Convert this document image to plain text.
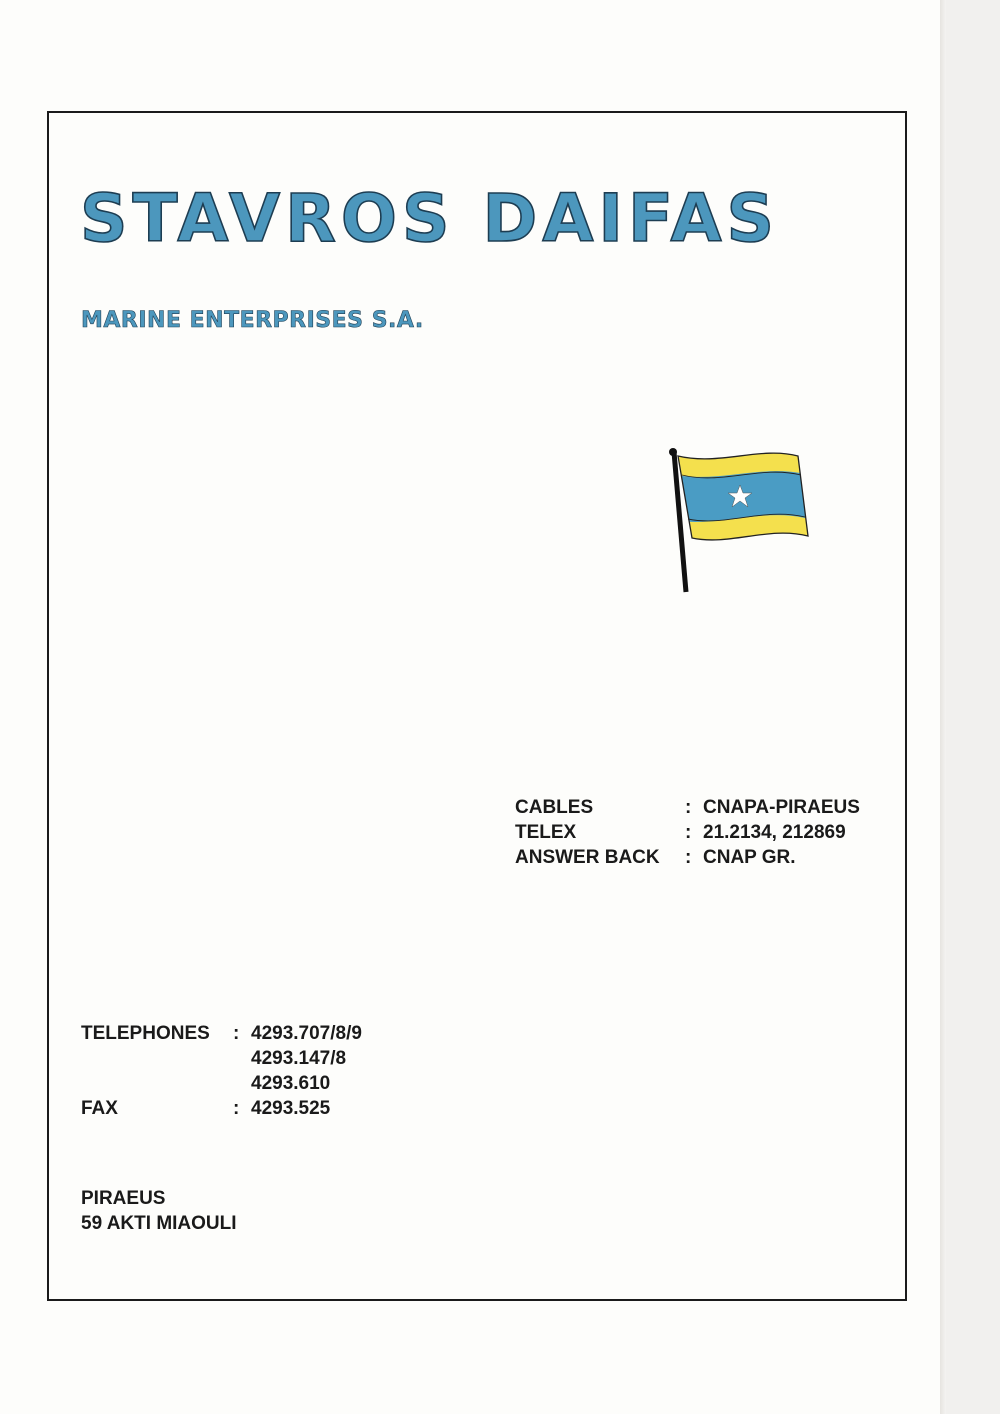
STAVROS DAIFAS
MARINE ENTERPRISES S.A.
CABLES	: CNAPA-PIRAEUS
TELEX	: 21.2134, 212869
ANSWER BACK	: CNAP GR.
TELEPHONES	: 4293.707/8/9
4293.147/8
4293.610
FAX	: 4293.525
PIRAEUS
59 AKTI MIAOULI
